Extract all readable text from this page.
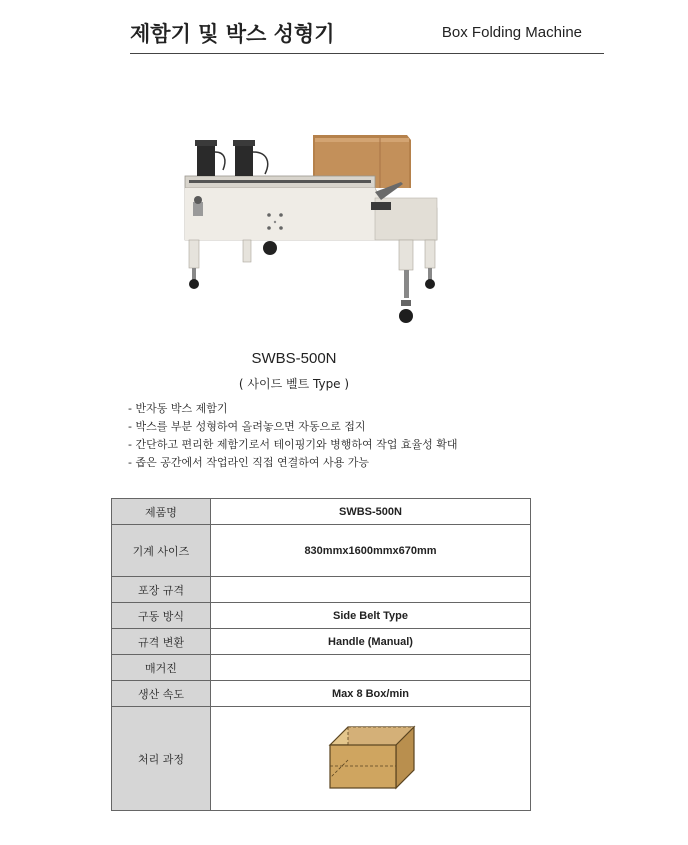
제함기 및 박스 성형기	Box Folding Machine
SWBS-500N
( 사이드 벨트 Type )
- 반자동 박스 제함기
- 박스를 부분 성형하여 올려놓으면 자동으로 접지
- 간단하고 편리한 제함기로서 테이핑기와 병행하여 작업 효율성 확대
- 좁은 공간에서 작업라인 직접 연결하여 사용 가능
제품명	SWBS-500N
기계 사이즈	830mmx1600mmx670mm
포장 규격	
구동 방식	Side Belt Type
규격 변환	Handle (Manual)
매거진	
생산 속도	Max 8 Box/min
처리 과정	
